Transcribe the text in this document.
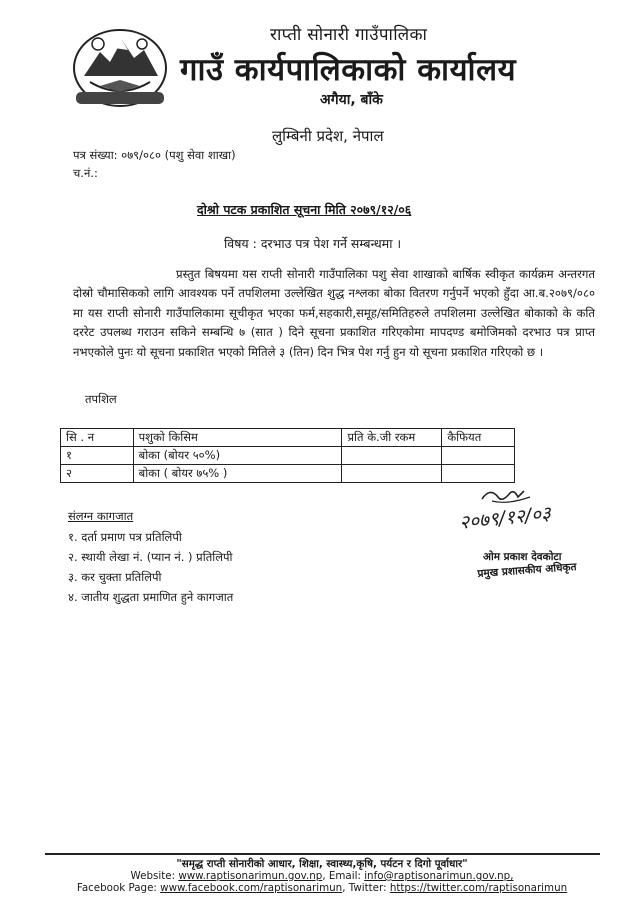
राप्ती सोनारी गाउँपालिका
गाउँ कार्यपालिकाको कार्यालय
अगैया, बाँके
लुम्बिनी प्रदेश, नेपाल
पत्र संख्या: ०७९/०८० (पशु सेवा शाखा)
च.नं.:
दोश्रो पटक प्रकाशित सूचना मिति २०७९/१२/०६
विषय : दरभाउ पत्र पेश गर्ने सम्बन्धमा ।
प्रस्तुत बिषयमा यस राप्ती सोनारी गाउँपालिका पशु सेवा शाखाको बार्षिक स्वीकृत कार्यक्रम अन्तरगत दोस्रो चौमासिकको लागि आवश्यक पर्ने तपशिलमा उल्लेखित शुद्ध नश्लका बोका वितरण गर्नुपर्ने भएको हुँदा आ.ब.२०७९/०८० मा यस राप्ती सोनारी गाउँपालिकामा सूचीकृत भएका फर्म,सहकारी,समूह/समितिहरुले तपशिलमा उल्लेखित बोकाको के कति दररेट उपलब्ध गराउन सकिने सम्बन्धि ७ (सात ) दिने सूचना प्रकाशित गरिएकोमा मापदण्ड बमोजिमको दरभाउ पत्र प्राप्त नभएकोले पुनः यो सूचना प्रकाशित भएको मितिले ३ (तिन) दिन भित्र पेश गर्नु हुन यो सूचना प्रकाशित गरिएको छ ।
तपशिल
सि . न	पशुको किसिम	प्रति के.जी रकम	कैफियत
१	बोका (बोयर ५०%)		
२	बोका ( बोयर ७५% )		
संलग्न कागजात
१. दर्ता प्रमाण पत्र प्रतिलिपी
२. स्थायी लेखा नं. (प्यान नं. ) प्रतिलिपी
३. कर चुक्ता प्रतिलिपी
४. जातीय शुद्धता प्रमाणित हुने कागजात
२०७९/१२/०३
ओम प्रकाश देवकोटा
प्रमुख प्रशासकीय अधिकृत
"समृद्ध राप्ती सोनारीको आधार, शिक्षा, स्वास्थ्य,कृषि, पर्यटन र दिगो पूर्वाधार"
Website: www.raptisonarimun.gov.np, Email: info@raptisonarimun.gov.np,
Facebook Page: www.facebook.com/raptisonarimun, Twitter: https://twitter.com/raptisonarimun
